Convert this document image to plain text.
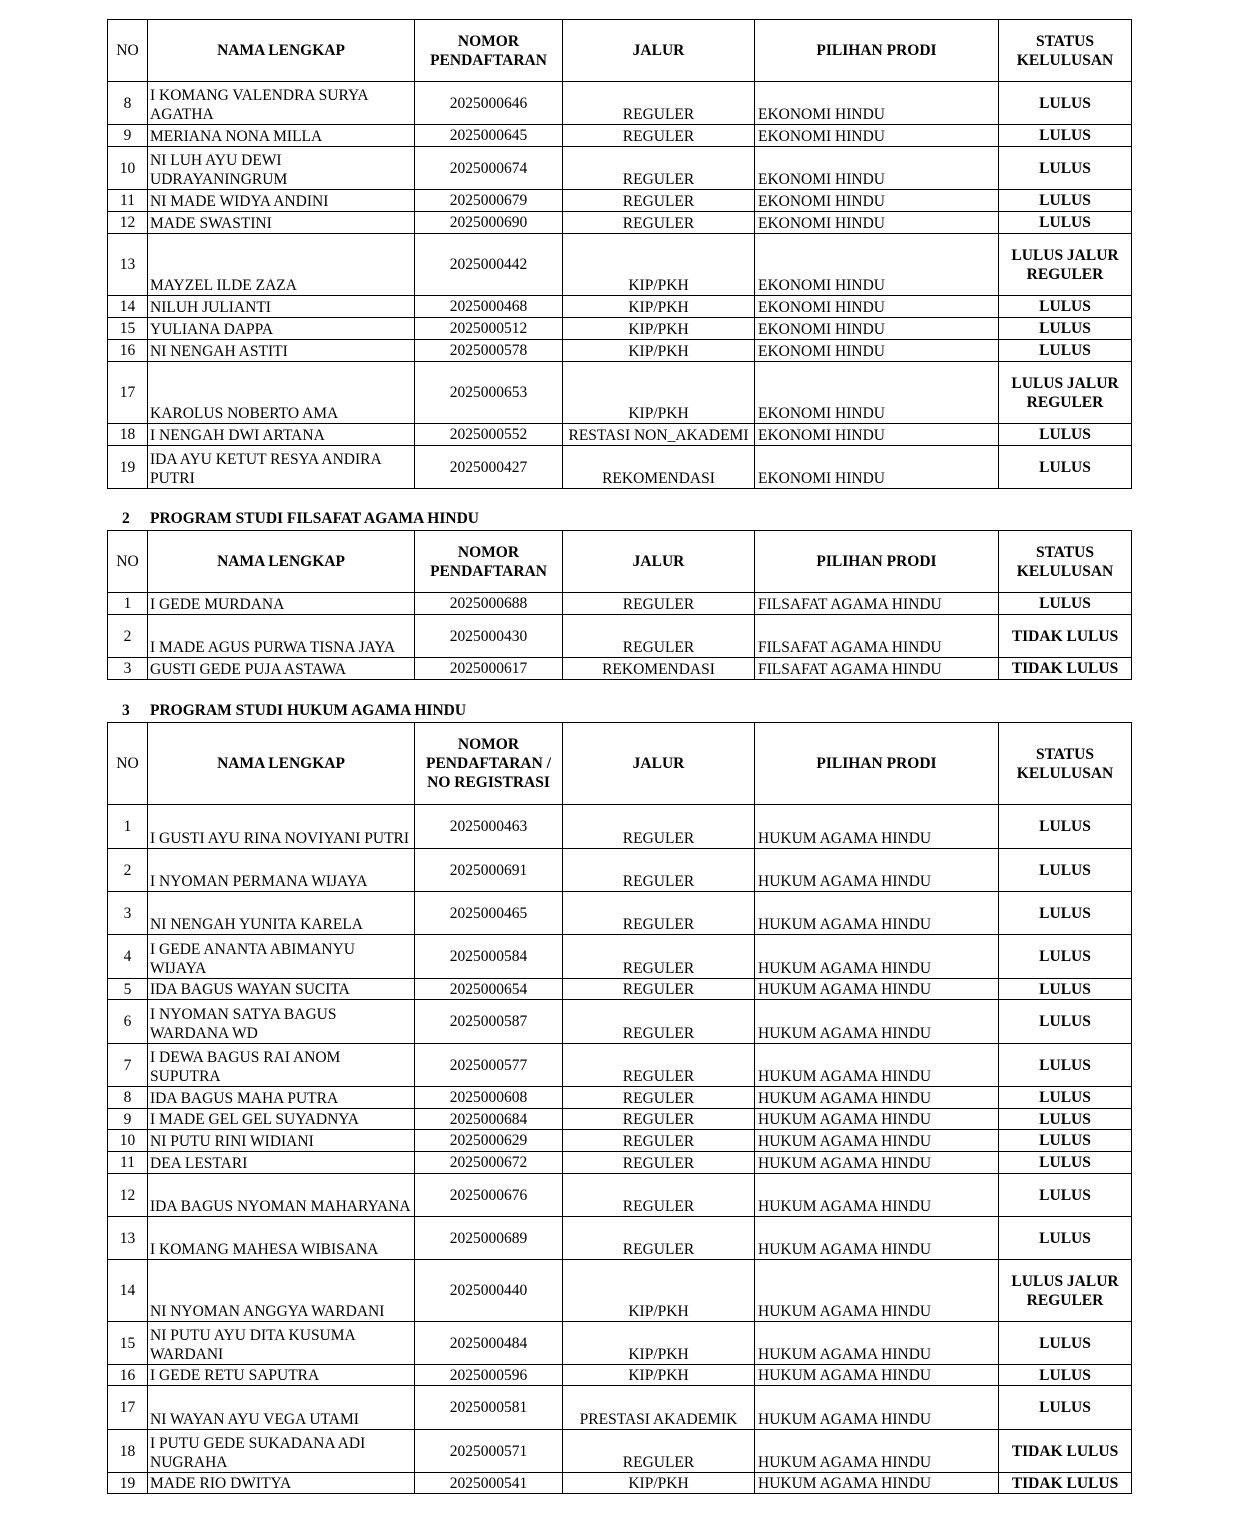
NO	NAMA LENGKAP	NOMOR PENDAFTARAN	JALUR	PILIHAN PRODI	STATUS KELULUSAN
8	I KOMANG VALENDRA SURYA AGATHA	2025000646	REGULER	EKONOMI HINDU	LULUS
9	MERIANA NONA MILLA	2025000645	REGULER	EKONOMI HINDU	LULUS
10	NI LUH AYU DEWI UDRAYANINGRUM	2025000674	REGULER	EKONOMI HINDU	LULUS
11	NI MADE WIDYA ANDINI	2025000679	REGULER	EKONOMI HINDU	LULUS
12	MADE SWASTINI	2025000690	REGULER	EKONOMI HINDU	LULUS
13	MAYZEL ILDE ZAZA	2025000442	KIP/PKH	EKONOMI HINDU	LULUS JALUR REGULER
14	NILUH JULIANTI	2025000468	KIP/PKH	EKONOMI HINDU	LULUS
15	YULIANA DAPPA	2025000512	KIP/PKH	EKONOMI HINDU	LULUS
16	NI NENGAH ASTITI	2025000578	KIP/PKH	EKONOMI HINDU	LULUS
17	KAROLUS NOBERTO AMA	2025000653	KIP/PKH	EKONOMI HINDU	LULUS JALUR REGULER
18	I NENGAH DWI ARTANA	2025000552	RESTASI NON_AKADEMI	EKONOMI HINDU	LULUS
19	IDA AYU KETUT RESYA ANDIRA PUTRI	2025000427	REKOMENDASI	EKONOMI HINDU	LULUS
2 PROGRAM STUDI FILSAFAT AGAMA HINDU
NO	NAMA LENGKAP	NOMOR PENDAFTARAN	JALUR	PILIHAN PRODI	STATUS KELULUSAN
1	I GEDE MURDANA	2025000688	REGULER	FILSAFAT AGAMA HINDU	LULUS
2	I MADE AGUS PURWA TISNA JAYA	2025000430	REGULER	FILSAFAT AGAMA HINDU	TIDAK LULUS
3	GUSTI GEDE PUJA ASTAWA	2025000617	REKOMENDASI	FILSAFAT AGAMA HINDU	TIDAK LULUS
3 PROGRAM STUDI HUKUM AGAMA HINDU
NO	NAMA LENGKAP	NOMOR PENDAFTARAN / NO REGISTRASI	JALUR	PILIHAN PRODI	STATUS KELULUSAN
1	I GUSTI AYU RINA NOVIYANI PUTRI	2025000463	REGULER	HUKUM AGAMA HINDU	LULUS
2	I NYOMAN PERMANA WIJAYA	2025000691	REGULER	HUKUM AGAMA HINDU	LULUS
3	NI NENGAH YUNITA KARELA	2025000465	REGULER	HUKUM AGAMA HINDU	LULUS
4	I GEDE ANANTA ABIMANYU WIJAYA	2025000584	REGULER	HUKUM AGAMA HINDU	LULUS
5	IDA BAGUS WAYAN SUCITA	2025000654	REGULER	HUKUM AGAMA HINDU	LULUS
6	I NYOMAN SATYA BAGUS WARDANA WD	2025000587	REGULER	HUKUM AGAMA HINDU	LULUS
7	I DEWA BAGUS RAI ANOM SUPUTRA	2025000577	REGULER	HUKUM AGAMA HINDU	LULUS
8	IDA BAGUS MAHA PUTRA	2025000608	REGULER	HUKUM AGAMA HINDU	LULUS
9	I MADE GEL GEL SUYADNYA	2025000684	REGULER	HUKUM AGAMA HINDU	LULUS
10	NI PUTU RINI WIDIANI	2025000629	REGULER	HUKUM AGAMA HINDU	LULUS
11	DEA LESTARI	2025000672	REGULER	HUKUM AGAMA HINDU	LULUS
12	IDA BAGUS NYOMAN MAHARYANA	2025000676	REGULER	HUKUM AGAMA HINDU	LULUS
13	I KOMANG MAHESA WIBISANA	2025000689	REGULER	HUKUM AGAMA HINDU	LULUS
14	NI NYOMAN ANGGYA WARDANI	2025000440	KIP/PKH	HUKUM AGAMA HINDU	LULUS JALUR REGULER
15	NI PUTU AYU DITA KUSUMA WARDANI	2025000484	KIP/PKH	HUKUM AGAMA HINDU	LULUS
16	I GEDE RETU SAPUTRA	2025000596	KIP/PKH	HUKUM AGAMA HINDU	LULUS
17	NI WAYAN AYU VEGA UTAMI	2025000581	PRESTASI AKADEMIK	HUKUM AGAMA HINDU	LULUS
18	I PUTU GEDE SUKADANA ADI NUGRAHA	2025000571	REGULER	HUKUM AGAMA HINDU	TIDAK LULUS
19	MADE RIO DWITYA	2025000541	KIP/PKH	HUKUM AGAMA HINDU	TIDAK LULUS
